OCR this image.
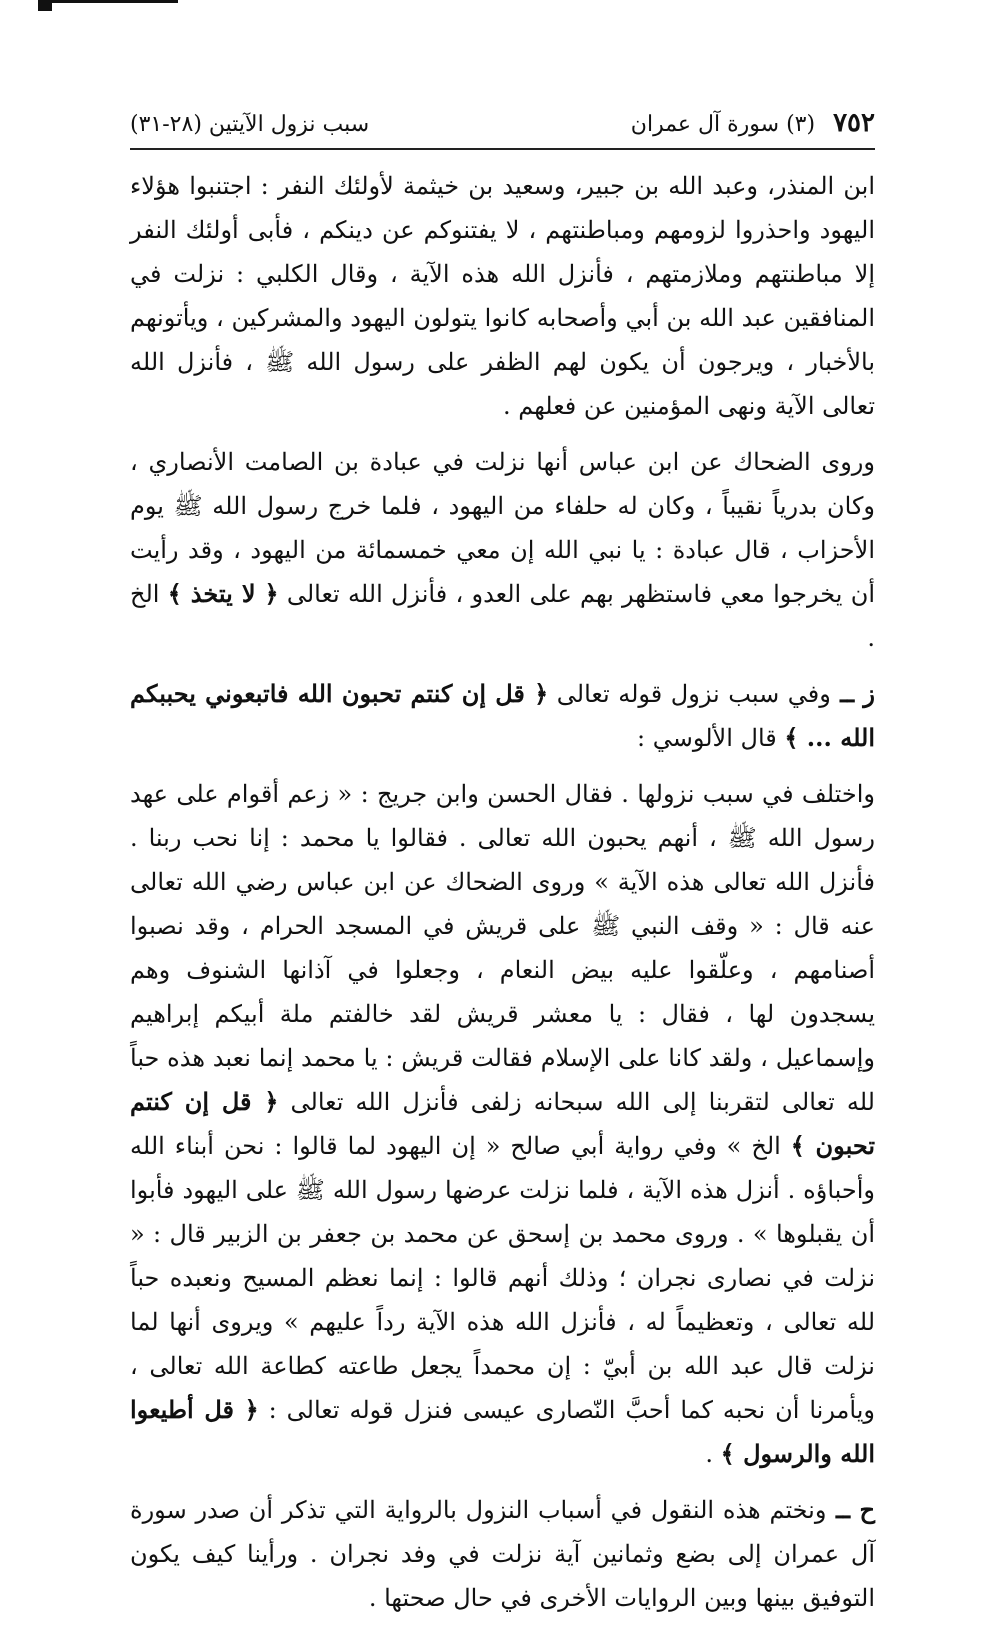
٧٥٢
(٣) سورة آل عمران
سبب نزول الآيتين (٢٨-٣١)

ابن المنذر، وعبد الله بن جبير، وسعيد بن خيثمة لأولئك النفر : اجتنبوا هؤلاء اليهود واحذروا لزومهم ومباطنتهم ، لا يفتنوكم عن دينكم ، فأبى أولئك النفر إلا مباطنتهم وملازمتهم ، فأنزل الله هذه الآية ، وقال الكلبي : نزلت في المنافقين عبد الله بن أبي وأصحابه كانوا يتولون اليهود والمشركين ، ويأتونهم بالأخبار ، ويرجون أن يكون لهم الظفر على رسول الله ﷺ ، فأنزل الله تعالى الآية ونهى المؤمنين عن فعلهم .

وروى الضحاك عن ابن عباس أنها نزلت في عبادة بن الصامت الأنصاري ، وكان بدرياً نقيباً ، وكان له حلفاء من اليهود ، فلما خرج رسول الله ﷺ يوم الأحزاب ، قال عبادة : يا نبي الله إن معي خمسمائة من اليهود ، وقد رأيت أن يخرجوا معي فاستظهر بهم على العدو ، فأنزل الله تعالى ﴿ لا يتخذ ﴾ الخ .

ز ــ وفي سبب نزول قوله تعالى ﴿ قل إن كنتم تحبون الله فاتبعوني يحببكم الله ... ﴾ قال الألوسي :

واختلف في سبب نزولها . فقال الحسن وابن جريج : « زعم أقوام على عهد رسول الله ﷺ ، أنهم يحبون الله تعالى . فقالوا يا محمد : إنا نحب ربنا . فأنزل الله تعالى هذه الآية » وروى الضحاك عن ابن عباس رضي الله تعالى عنه قال : « وقف النبي ﷺ على قريش في المسجد الحرام ، وقد نصبوا أصنامهم ، وعلّقوا عليه بيض النعام ، وجعلوا في آذانها الشنوف وهم يسجدون لها ، فقال : يا معشر قريش لقد خالفتم ملة أبيكم إبراهيم وإسماعيل ، ولقد كانا على الإسلام فقالت قريش : يا محمد إنما نعبد هذه حباً لله تعالى لتقربنا إلى الله سبحانه زلفى فأنزل الله تعالى ﴿ قل إن كنتم تحبون ﴾ الخ » وفي رواية أبي صالح « إن اليهود لما قالوا : نحن أبناء الله وأحباؤه . أنزل هذه الآية ، فلما نزلت عرضها رسول الله ﷺ على اليهود فأبوا أن يقبلوها » . وروى محمد بن إسحق عن محمد بن جعفر بن الزبير قال : « نزلت في نصارى نجران ؛ وذلك أنهم قالوا : إنما نعظم المسيح ونعبده حباً لله تعالى ، وتعظيماً له ، فأنزل الله هذه الآية رداً عليهم » ويروى أنها لما نزلت قال عبد الله بن أبيّ : إن محمداً يجعل طاعته كطاعة الله تعالى ، ويأمرنا أن نحبه كما أحبَّ النّصارى عيسى فنزل قوله تعالى : ﴿ قل أطيعوا الله والرسول ﴾ .

ح ــ ونختم هذه النقول في أسباب النزول بالرواية التي تذكر أن صدر سورة آل عمران إلى بضع وثمانين آية نزلت في وفد نجران . ورأينا كيف يكون التوفيق بينها وبين الروايات الأخرى في حال صحتها .
